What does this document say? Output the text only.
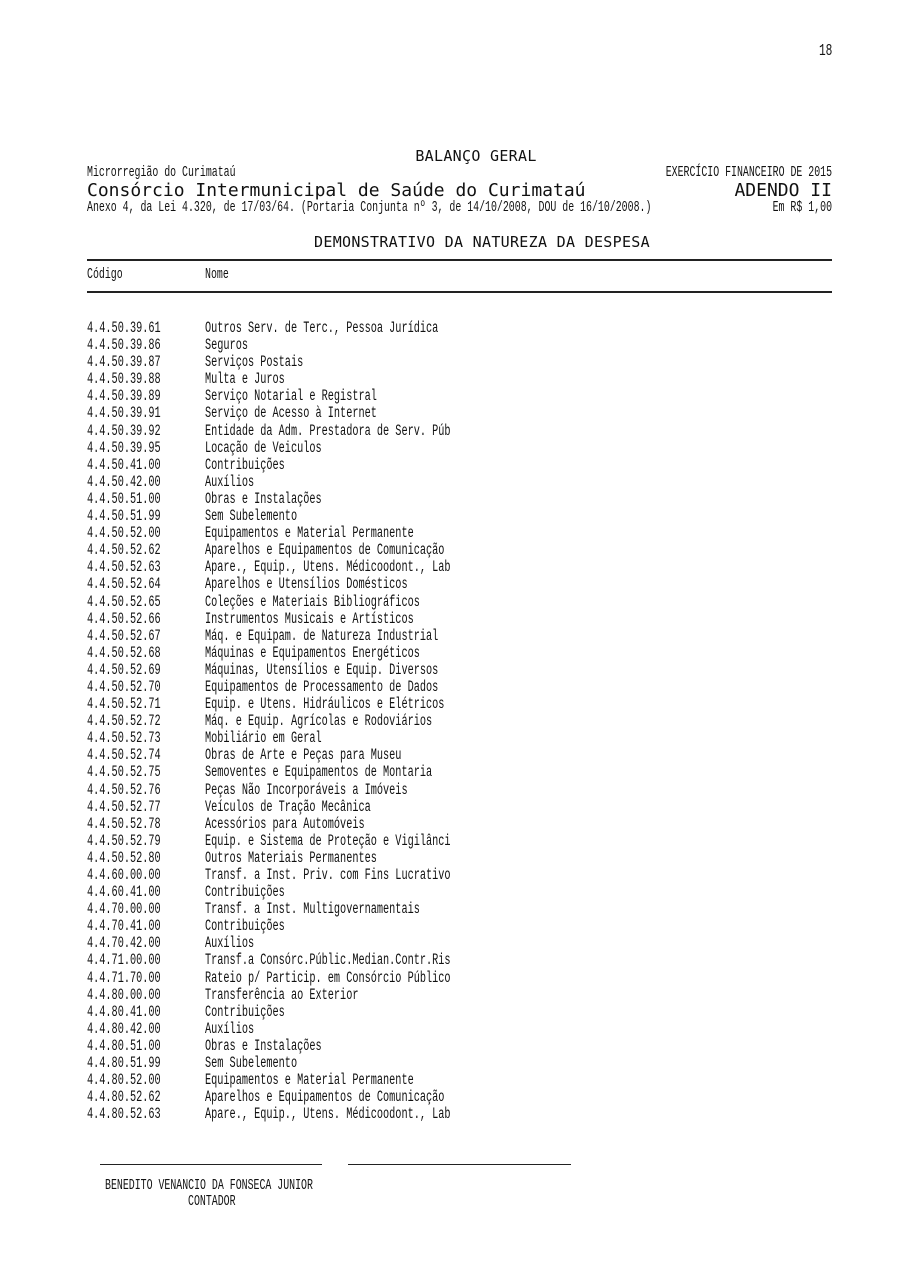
18
BALANÇO GERAL
Microrregião do Curimataú	EXERCÍCIO FINANCEIRO DE 2015
Consórcio Intermunicipal de Saúde do Curimataú	ADENDO II
Anexo 4, da Lei 4.320, de 17/03/64. (Portaria Conjunta nº 3, de 14/10/2008, DOU de 16/10/2008.)	Em R$ 1,00
DEMONSTRATIVO DA NATUREZA DA DESPESA
Código	Nome
4.4.50.39.61	Outros Serv. de Terc., Pessoa Jurídica
4.4.50.39.86	Seguros
4.4.50.39.87	Serviços Postais
4.4.50.39.88	Multa e Juros
4.4.50.39.89	Serviço Notarial e Registral
4.4.50.39.91	Serviço de Acesso à Internet
4.4.50.39.92	Entidade da Adm. Prestadora de Serv. Púb
4.4.50.39.95	Locação de Veiculos
4.4.50.41.00	Contribuições
4.4.50.42.00	Auxílios
4.4.50.51.00	Obras e Instalações
4.4.50.51.99	Sem Subelemento
4.4.50.52.00	Equipamentos e Material Permanente
4.4.50.52.62	Aparelhos e Equipamentos de Comunicação
4.4.50.52.63	Apare., Equip., Utens. Médicoodont., Lab
4.4.50.52.64	Aparelhos e Utensílios Domésticos
4.4.50.52.65	Coleções e Materiais Bibliográficos
4.4.50.52.66	Instrumentos Musicais e Artísticos
4.4.50.52.67	Máq. e Equipam. de Natureza Industrial
4.4.50.52.68	Máquinas e Equipamentos Energéticos
4.4.50.52.69	Máquinas, Utensílios e Equip. Diversos
4.4.50.52.70	Equipamentos de Processamento de Dados
4.4.50.52.71	Equip. e Utens. Hidráulicos e Elétricos
4.4.50.52.72	Máq. e Equip. Agrícolas e Rodoviários
4.4.50.52.73	Mobiliário em Geral
4.4.50.52.74	Obras de Arte e Peças para Museu
4.4.50.52.75	Semoventes e Equipamentos de Montaria
4.4.50.52.76	Peças Não Incorporáveis a Imóveis
4.4.50.52.77	Veículos de Tração Mecânica
4.4.50.52.78	Acessórios para Automóveis
4.4.50.52.79	Equip. e Sistema de Proteção e Vigilânci
4.4.50.52.80	Outros Materiais Permanentes
4.4.60.00.00	Transf. a Inst. Priv. com Fins Lucrativo
4.4.60.41.00	Contribuições
4.4.70.00.00	Transf. a Inst. Multigovernamentais
4.4.70.41.00	Contribuições
4.4.70.42.00	Auxílios
4.4.71.00.00	Transf.a Consórc.Públic.Median.Contr.Ris
4.4.71.70.00	Rateio p/ Particip. em Consórcio Público
4.4.80.00.00	Transferência ao Exterior
4.4.80.41.00	Contribuições
4.4.80.42.00	Auxílios
4.4.80.51.00	Obras e Instalações
4.4.80.51.99	Sem Subelemento
4.4.80.52.00	Equipamentos e Material Permanente
4.4.80.52.62	Aparelhos e Equipamentos de Comunicação
4.4.80.52.63	Apare., Equip., Utens. Médicoodont., Lab
BENEDITO VENANCIO DA FONSECA JUNIOR
CONTADOR
